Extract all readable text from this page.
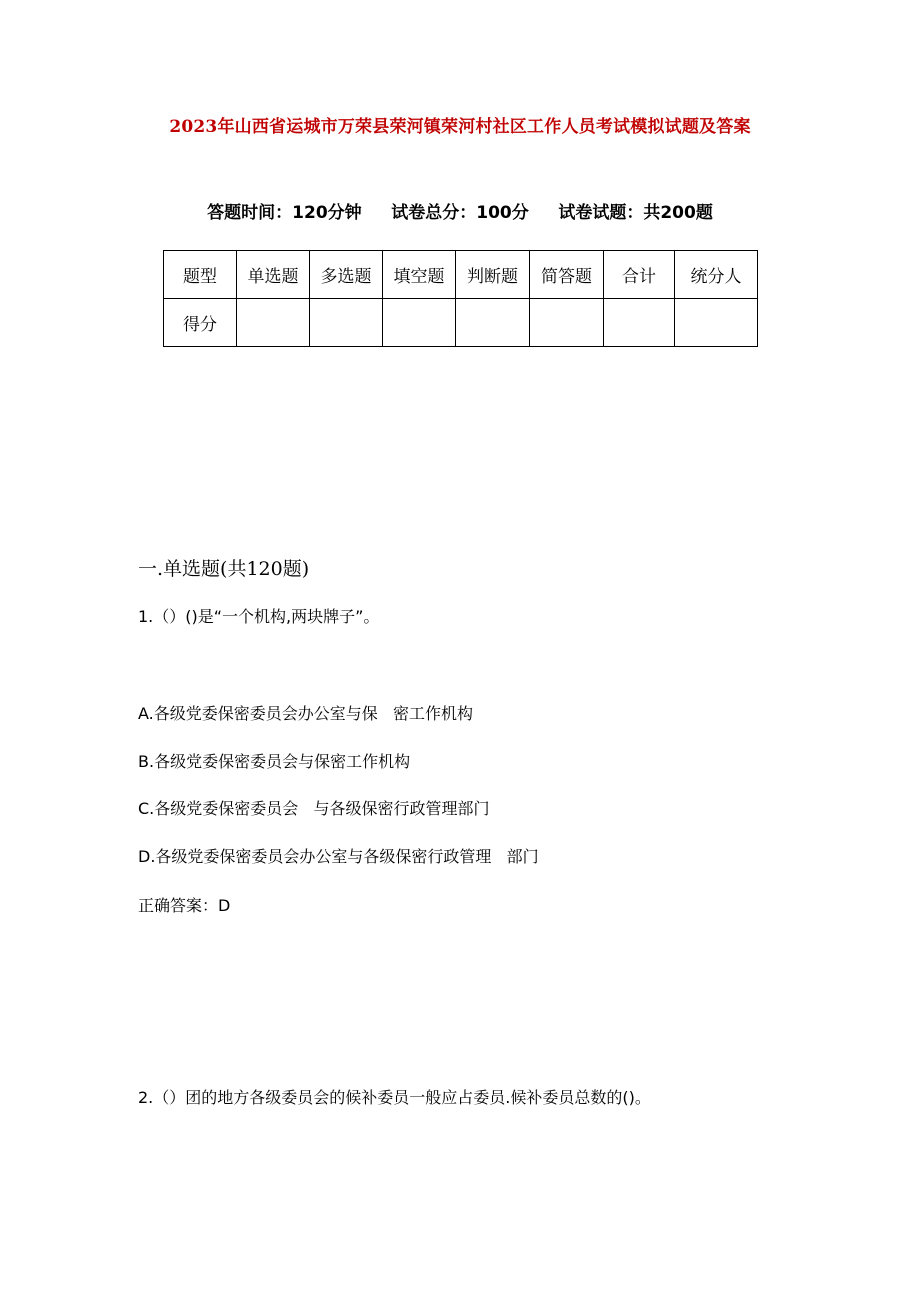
2023年山西省运城市万荣县荣河镇荣河村社区工作人员考试模拟试题及答案
答题时间：120分钟     试卷总分：100分     试卷试题：共200题
题型	单选题	多选题	填空题	判断题	简答题	合计	统分人
得分							
一.单选题(共120题)
1.（）()是“一个机构,两块牌子”。
A.各级党委保密委员会办公室与保   密工作机构
B.各级党委保密委员会与保密工作机构
C.各级党委保密委员会   与各级保密行政管理部门
D.各级党委保密委员会办公室与各级保密行政管理   部门
正确答案：D
2.（）团的地方各级委员会的候补委员一般应占委员.候补委员总数的()。
